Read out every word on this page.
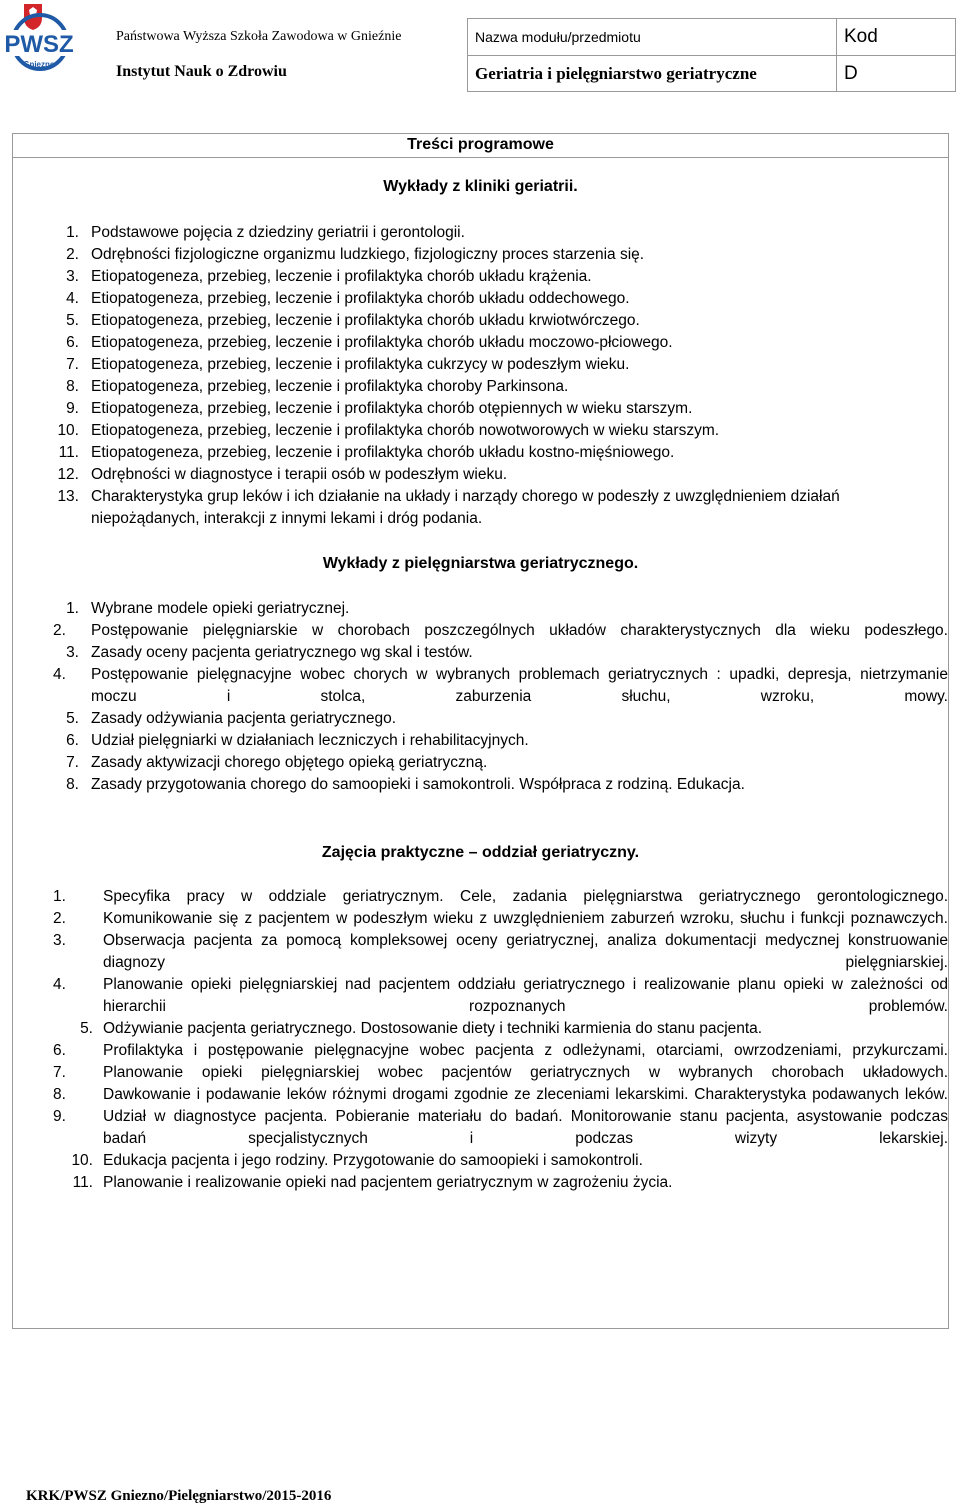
PWSZ
Gniezno
Państwowa Wyższa Szkoła Zawodowa w Gnieźnie
Instytut Nauk o Zdrowiu
Nazwa modułu/przedmiotu	Kod
Geriatria i pielęgniarstwo geriatryczne	D
Treści programowe
Wykłady z kliniki geriatrii.
1. Podstawowe pojęcia z dziedziny geriatrii i gerontologii.
2. Odrębności fizjologiczne organizmu ludzkiego, fizjologiczny proces starzenia się.
3. Etiopatogeneza, przebieg, leczenie i profilaktyka chorób układu krążenia.
4. Etiopatogeneza, przebieg, leczenie i profilaktyka chorób układu oddechowego.
5. Etiopatogeneza, przebieg, leczenie i profilaktyka chorób układu krwiotwórczego.
6. Etiopatogeneza, przebieg, leczenie i profilaktyka chorób układu moczowo-płciowego.
7. Etiopatogeneza, przebieg, leczenie i profilaktyka cukrzycy w podeszłym wieku.
8. Etiopatogeneza, przebieg, leczenie i profilaktyka choroby Parkinsona.
9. Etiopatogeneza, przebieg, leczenie i profilaktyka chorób otępiennych w wieku starszym.
10. Etiopatogeneza, przebieg, leczenie i profilaktyka chorób nowotworowych w wieku starszym.
11. Etiopatogeneza, przebieg, leczenie i profilaktyka chorób układu kostno-mięśniowego.
12. Odrębności w diagnostyce i terapii osób w podeszłym wieku.
13. Charakterystyka grup leków i ich działanie na układy i narządy chorego w podeszły z uwzględnieniem działań niepożądanych, interakcji z innymi lekami i dróg podania.
Wykłady z pielęgniarstwa geriatrycznego.
1. Wybrane modele opieki geriatrycznej.
2.	Postępowanie pielęgniarskie w chorobach poszczególnych układów charakterystycznych dla wieku podeszłego.
3. Zasady oceny pacjenta geriatrycznego wg skal i testów.
4.	Postępowanie pielęgnacyjne wobec chorych w wybranych problemach geriatrycznych : upadki, depresja, nietrzymanie moczu i stolca, zaburzenia słuchu, wzroku, mowy.
5. Zasady odżywiania pacjenta geriatrycznego.
6. Udział pielęgniarki w działaniach leczniczych i rehabilitacyjnych.
7. Zasady aktywizacji chorego objętego opieką geriatryczną.
8. Zasady przygotowania chorego do samoopieki i samokontroli. Współpraca z rodziną. Edukacja.
Zajęcia praktyczne – oddział geriatryczny.
1.	Specyfika pracy w oddziale geriatrycznym. Cele, zadania pielęgniarstwa geriatrycznego gerontologicznego.
2.	Komunikowanie się z pacjentem w podeszłym wieku z uwzględnieniem zaburzeń wzroku, słuchu i funkcji poznawczych.
3.	Obserwacja pacjenta za pomocą kompleksowej oceny geriatrycznej, analiza dokumentacji medycznej konstruowanie diagnozy pielęgniarskiej.
4.	Planowanie opieki pielęgniarskiej nad pacjentem oddziału geriatrycznego i realizowanie planu opieki w zależności od hierarchii rozpoznanych problemów.
5. Odżywianie pacjenta geriatrycznego. Dostosowanie diety i techniki karmienia do stanu pacjenta.
6.	Profilaktyka i postępowanie pielęgnacyjne wobec pacjenta z odleżynami, otarciami, owrzodzeniami, przykurczami.
7.	Planowanie opieki pielęgniarskiej wobec pacjentów geriatrycznych w wybranych chorobach układowych.
8.	Dawkowanie i podawanie leków różnymi drogami zgodnie ze zleceniami lekarskimi. Charakterystyka podawanych leków.
9.	Udział w diagnostyce pacjenta. Pobieranie materiału do badań. Monitorowanie stanu pacjenta, asystowanie podczas badań specjalistycznych i podczas wizyty lekarskiej.
10. Edukacja pacjenta i jego rodziny. Przygotowanie do samoopieki i samokontroli.
11. Planowanie i realizowanie opieki nad pacjentem geriatrycznym w zagrożeniu życia.
KRK/PWSZ Gniezno/Pielęgniarstwo/2015-2016
